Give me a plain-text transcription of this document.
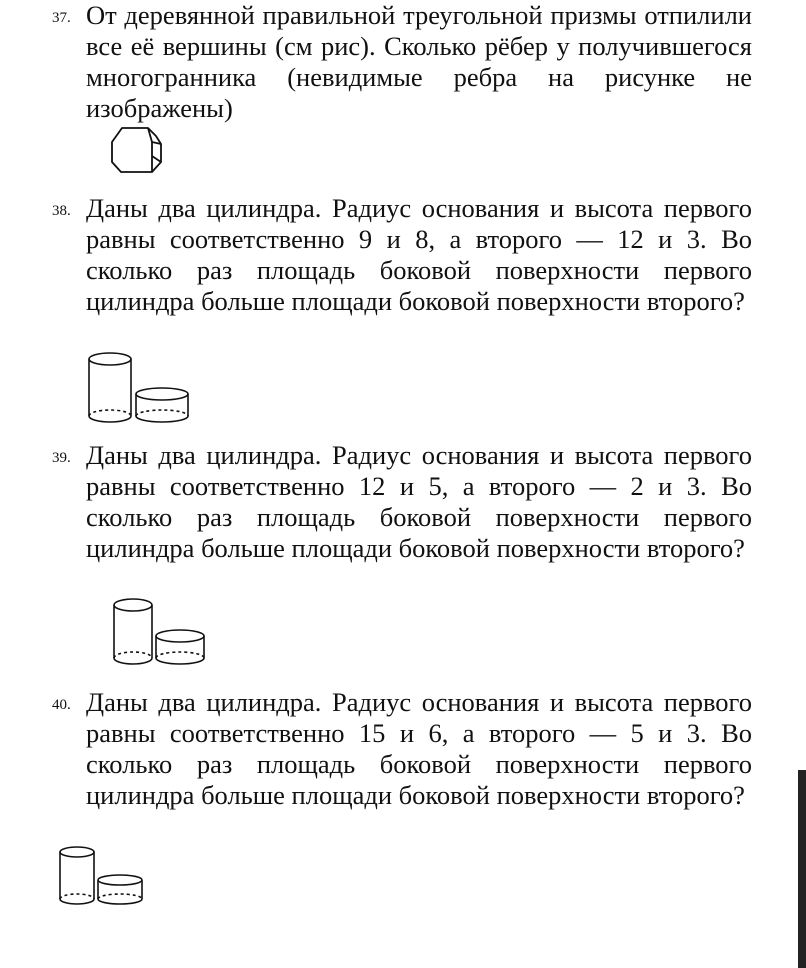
37. От деревянной правильной треугольной призмы отпилили все её вершины (см рис). Сколько рёбер у получившегося многогранника (невидимые ребра на рисунке не изображены)
38. Даны два цилиндра. Радиус основания и высота первого равны соответственно 9 и 8, а второго — 12 и 3. Во сколько раз площадь боковой поверхности первого цилиндра больше площади боковой поверхности второго?
39. Даны два цилиндра. Радиус основания и высота первого равны соответственно 12 и 5, а второго — 2 и 3. Во сколько раз площадь боковой поверхности первого цилиндра больше площади боковой поверхности второго?
40. Даны два цилиндра. Радиус основания и высота первого равны соответственно 15 и 6, а второго — 5 и 3. Во сколько раз площадь боковой поверхности первого цилиндра больше площади боковой поверхности второго?
